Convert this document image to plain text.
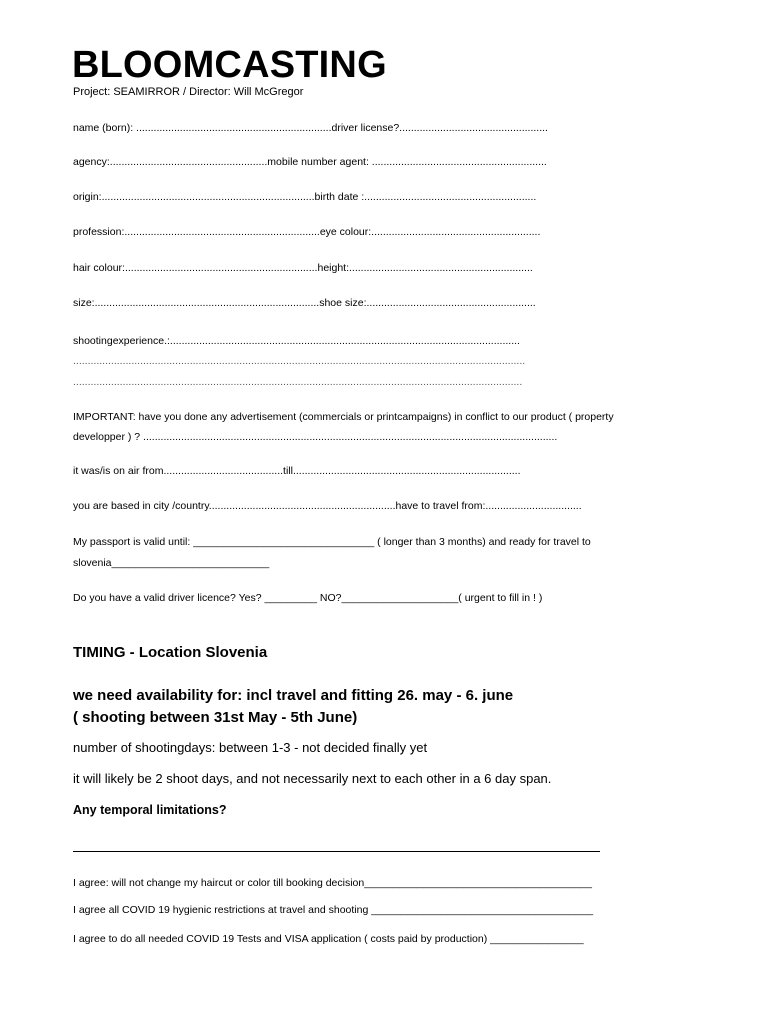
BLOOMCASTING
Project: SEAMIRROR / Director: Will McGregor
name (born): ...................................................................driver license?...................................................
agency:......................................................mobile number agent: ............................................................
origin:.........................................................................birth date :...........................................................
profession:...................................................................eye colour:..........................................................
hair colour:..................................................................height:...............................................................
size:.............................................................................shoe size:..........................................................
shootingexperience.:........................................................................................................................
...........................................................................................................................................................
..........................................................................................................................................................
IMPORTANT: have you done any advertisement (commercials or printcampaigns) in conflict to our product ( property
developper ) ? ..............................................................................................................................................
it was/is on air from.........................................till..............................................................................
you are based in city /country................................................................have to travel from:.................................
My passport is valid until: _______________________________ ( longer than 3 months) and ready for travel to
slovenia___________________________
Do you have a valid driver licence? Yes? _________ NO?____________________( urgent to fill in ! )
TIMING - Location Slovenia
we need availability for: incl travel and fitting 26. may - 6. june
( shooting between 31st May - 5th June)
number of shootingdays: between 1-3 - not decided finally yet
it will likely be 2 shoot days, and not necessarily next to each other in a 6 day span.
Any temporal limitations?
I agree: will not change my haircut or color till booking decision_______________________________________
I agree all COVID 19 hygienic restrictions at travel and shooting ______________________________________
I agree to do all needed COVID 19 Tests and VISA application ( costs paid by production) ________________
